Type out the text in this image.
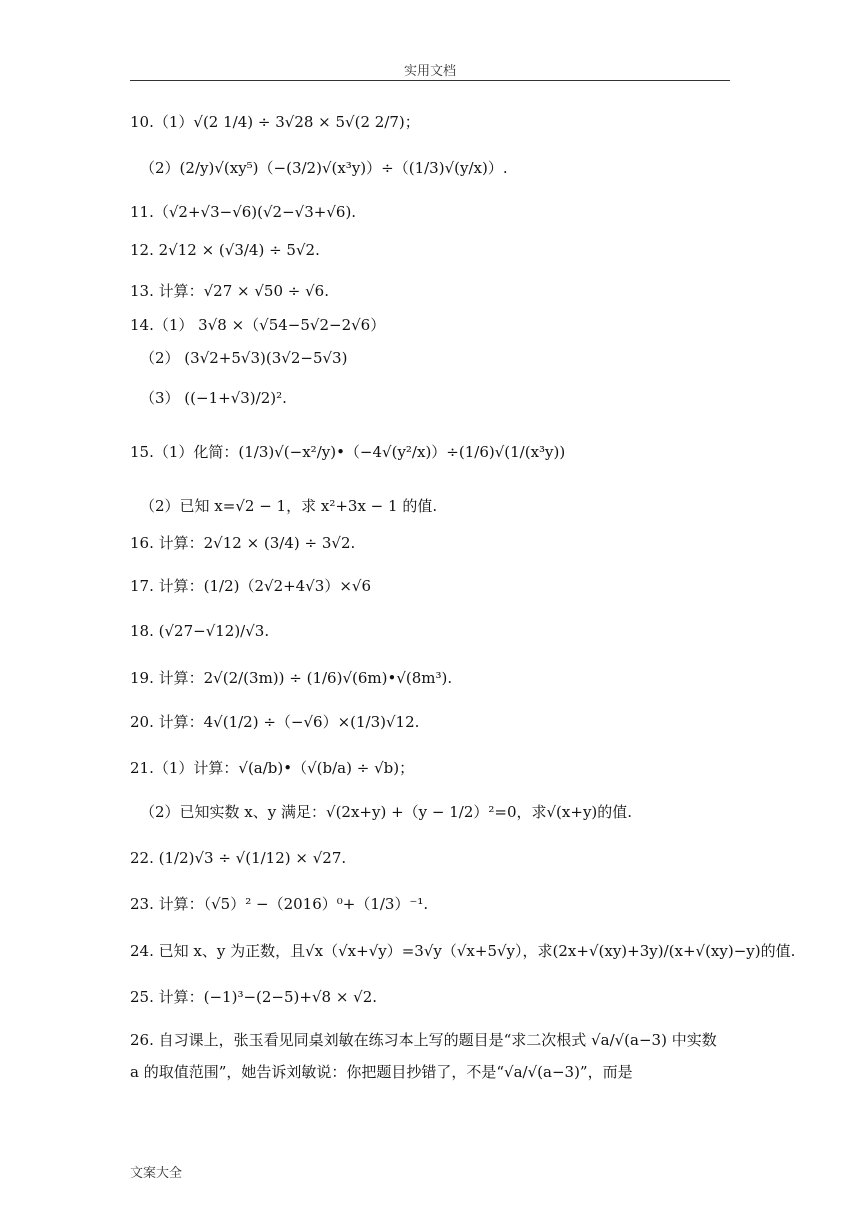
实用文档
10.（1）√(2 1/4) ÷ 3√28 × 5√(2 2/7)；
（2）(2/y)√(xy⁵)（−(3/2)√(x³y)）÷（(1/3)√(y/x)）.
11.（√2+√3−√6)(√2−√3+√6).
12. 2√12 × (√3/4) ÷ 5√2.
13. 计算：√27 × √50 ÷ √6.
14.（1） 3√8 ×（√54−5√2−2√6）
（2） (3√2+5√3)(3√2−5√3)
（3） ((−1+√3)/2)².
15.（1）化简：(1/3)√(−x²/y)•（−4√(y²/x)）÷(1/6)√(1/(x³y))
（2）已知 x=√2 − 1，求 x²+3x − 1 的值.
16. 计算：2√12 × (3/4) ÷ 3√2.
17. 计算：(1/2)（2√2+4√3）×√6
18. (√27−√12)/√3.
19. 计算：2√(2/(3m)) ÷ (1/6)√(6m)•√(8m³).
20. 计算：4√(1/2) ÷（−√6）×(1/3)√12.
21.（1）计算：√(a/b)•（√(b/a) ÷ √b)；
（2）已知实数 x、y 满足：√(2x+y) +（y − 1/2）²=0，求√(x+y)的值.
22. (1/2)√3 ÷ √(1/12) × √27.
23. 计算：（√5）² −（2016）⁰+（1/3）⁻¹.
24. 已知 x、y 为正数，且√x（√x+√y）=3√y（√x+5√y），求(2x+√(xy)+3y)/(x+√(xy)−y)的值.
25. 计算：(−1)³−(2−5)+√8 × √2.
26. 自习课上，张玉看见同桌刘敏在练习本上写的题目是“求二次根式 √a/√(a−3) 中实数 a 的取值范围”，她告诉刘敏说：你把题目抄错了，不是“√a/√(a−3)”，而是
文案大全
